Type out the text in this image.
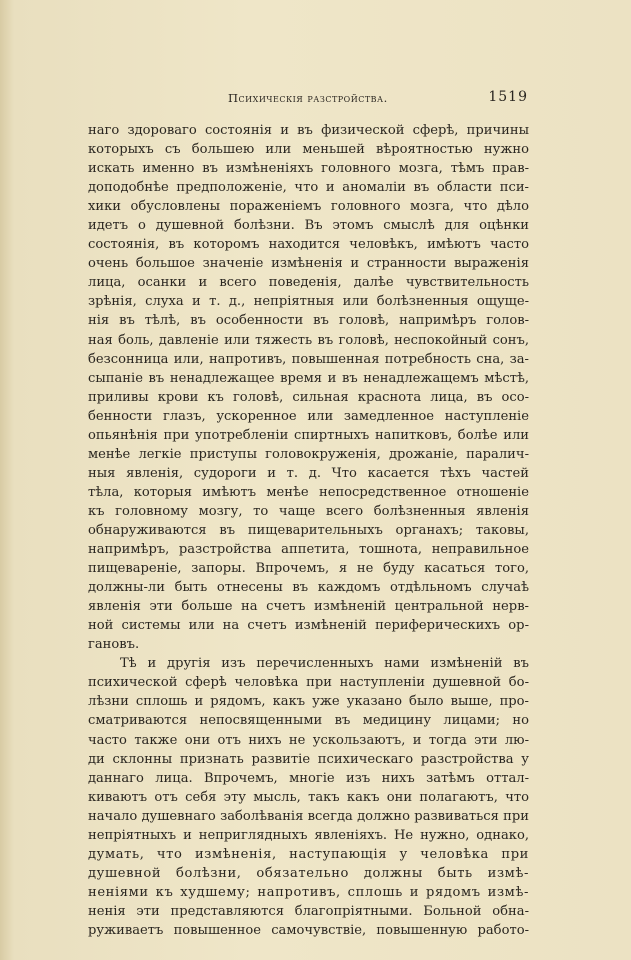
Психическія разстройства.	1519
наго здороваго состоянія и въ физической сферѣ, причины
которыхъ съ большею или меньшей вѣроятностью нужно
искать именно въ измѣненіяхъ головного мозга, тѣмъ прав-
доподобнѣе предположеніе, что и аномаліи въ области пси-
хики обусловлены пораженіемъ головного мозга, что дѣло
идетъ о душевной болѣзни. Въ этомъ смыслѣ для оцѣнки
состоянія, въ которомъ находится человѣкъ, имѣютъ часто
очень большое значеніе измѣненія и странности выраженія
лица, осанки и всего поведенія, далѣе чувствительность
зрѣнія, слуха и т. д., непріятныя или болѣзненныя ощуще-
нія въ тѣлѣ, въ особенности въ головѣ, напримѣръ голов-
ная боль, давленіе или тяжесть въ головѣ, неспокойный сонъ,
безсонница или, напротивъ, повышенная потребность сна, за-
сыпаніе въ ненадлежащее время и въ ненадлежащемъ мѣстѣ,
приливы крови къ головѣ, сильная краснота лица, въ осо-
бенности глазъ, ускоренное или замедленное наступленіе
опьянѣнія при употребленіи спиртныхъ напитковъ, болѣе или
менѣе легкіе приступы головокруженія, дрожаніе, паралич-
ныя явленія, судороги и т. д. Что касается тѣхъ частей
тѣла, которыя имѣютъ менѣе непосредственное отношеніе
къ головному мозгу, то чаще всего болѣзненныя явленія
обнаруживаются въ пищеварительныхъ органахъ; таковы,
напримѣръ, разстройства аппетита, тошнота, неправильное
пищевареніе, запоры. Впрочемъ, я не буду касаться того,
должны-ли быть отнесены въ каждомъ отдѣльномъ случаѣ
явленія эти больше на счетъ измѣненій центральной нерв-
ной системы или на счетъ измѣненій периферическихъ ор-
гановъ.
Тѣ и другія изъ перечисленныхъ нами измѣненій въ
психической сферѣ человѣка при наступленіи душевной бо-
лѣзни сплошь и рядомъ, какъ уже указано было выше, про-
сматриваются непосвященными въ медицину лицами; но
часто также они отъ нихъ не ускользаютъ, и тогда эти лю-
ди склонны признать развитіе психическаго разстройства у
даннаго лица. Впрочемъ, многіе изъ нихъ затѣмъ оттал-
киваютъ отъ себя эту мысль, такъ какъ они полагаютъ, что
начало душевнаго заболѣванія всегда должно развиваться при
непріятныхъ и неприглядныхъ явленіяхъ. Не нужно, однако,
думать, что измѣненія, наступающія у человѣка при
душевной болѣзни, обязательно должны быть измѣ-
неніями къ худшему; напротивъ, сплошь и рядомъ измѣ-
ненія эти представляются благопріятными. Больной обна-
руживаетъ повышенное самочувствіе, повышенную работо-
